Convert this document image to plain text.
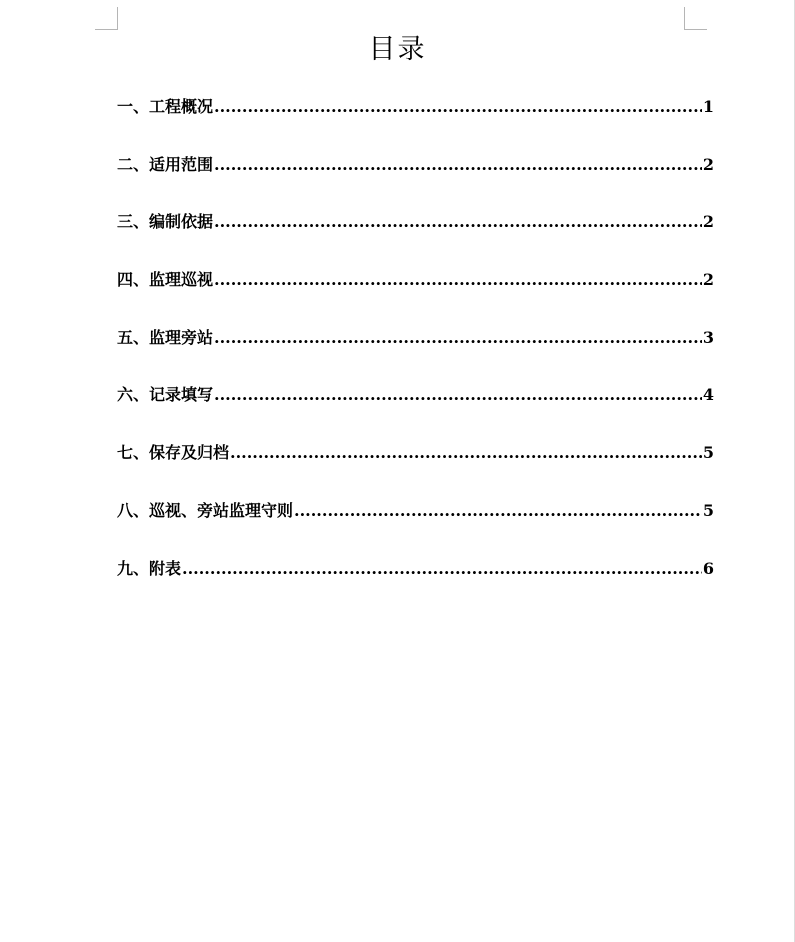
目录
一、工程概况 .....	1
二、适用范围 .....	2
三、编制依据 .....	2
四、监理巡视 .....	2
五、监理旁站 .....	3
六、记录填写 .....	4
七、保存及归档 .....	5
八、巡视、旁站监理守则 .....	5
九、附表 .....	6
